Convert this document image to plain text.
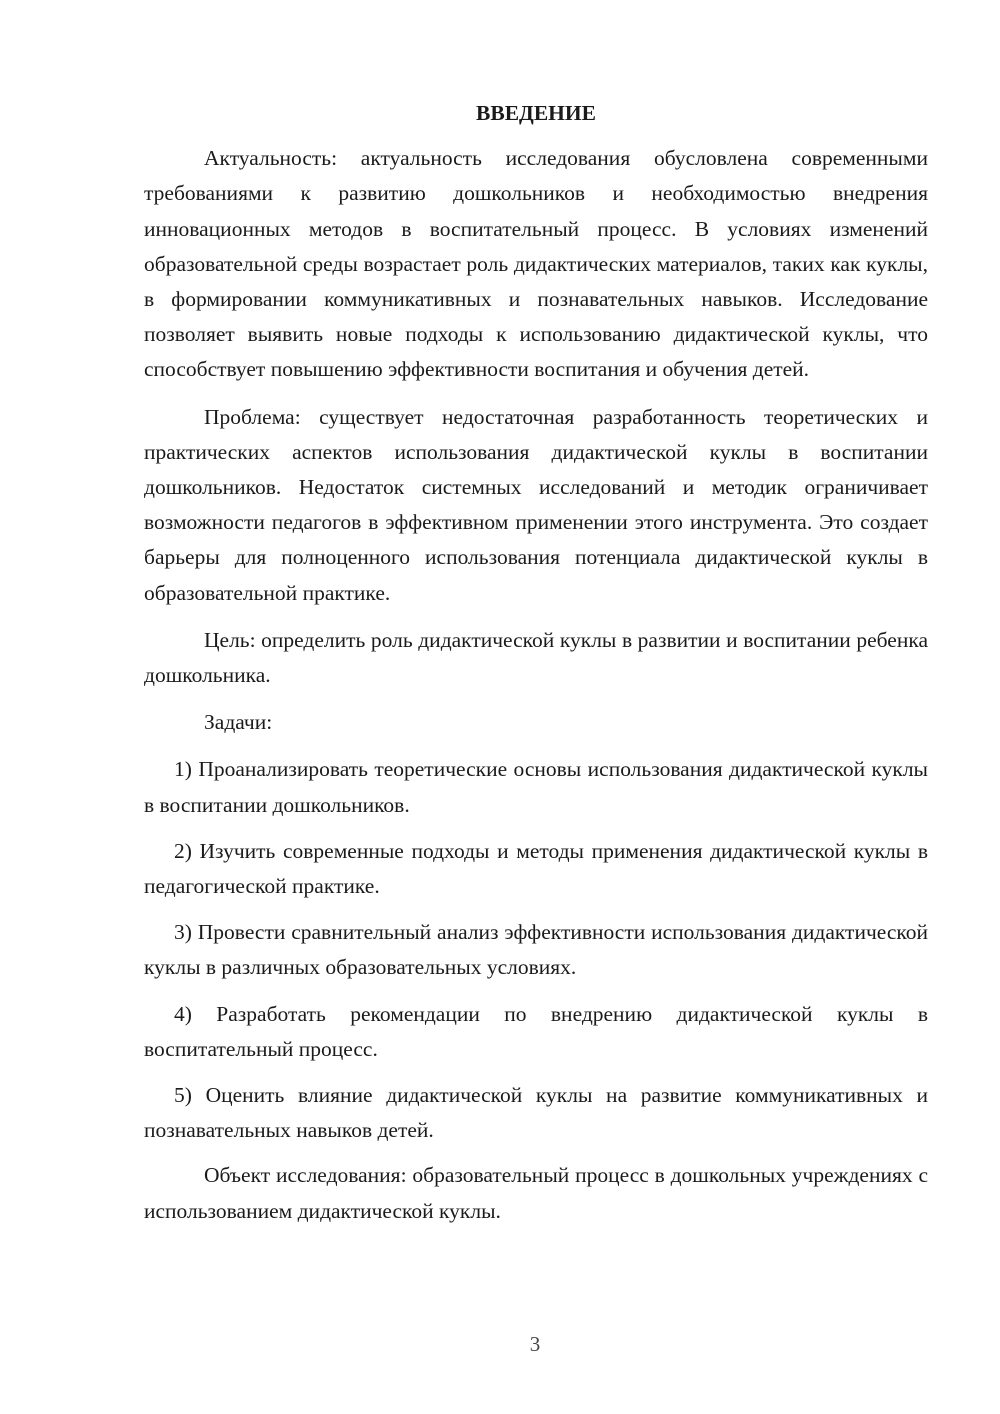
ВВЕДЕНИЕ

Актуальность: актуальность исследования обусловлена современными требованиями к развитию дошкольников и необходимостью внедрения инновационных методов в воспитательный процесс. В условиях изменений образовательной среды возрастает роль дидактических материалов, таких как куклы, в формировании коммуникативных и познавательных навыков. Исследование позволяет выявить новые подходы к использованию дидактической куклы, что способствует повышению эффективности воспитания и обучения детей.

Проблема: существует недостаточная разработанность теоретических и практических аспектов использования дидактической куклы в воспитании дошкольников. Недостаток системных исследований и методик ограничивает возможности педагогов в эффективном применении этого инструмента. Это создает барьеры для полноценного использования потенциала дидактической куклы в образовательной практике.

Цель: определить роль дидактической куклы в развитии и воспитании ребенка дошкольника.

Задачи:

1) Проанализировать теоретические основы использования дидактической куклы в воспитании дошкольников.

2) Изучить современные подходы и методы применения дидактической куклы в педагогической практике.

3) Провести сравнительный анализ эффективности использования дидактической куклы в различных образовательных условиях.

4) Разработать рекомендации по внедрению дидактической куклы в воспитательный процесс.

5) Оценить влияние дидактической куклы на развитие коммуникативных и познавательных навыков детей.

Объект исследования: образовательный процесс в дошкольных учреждениях с использованием дидактической куклы.

3
